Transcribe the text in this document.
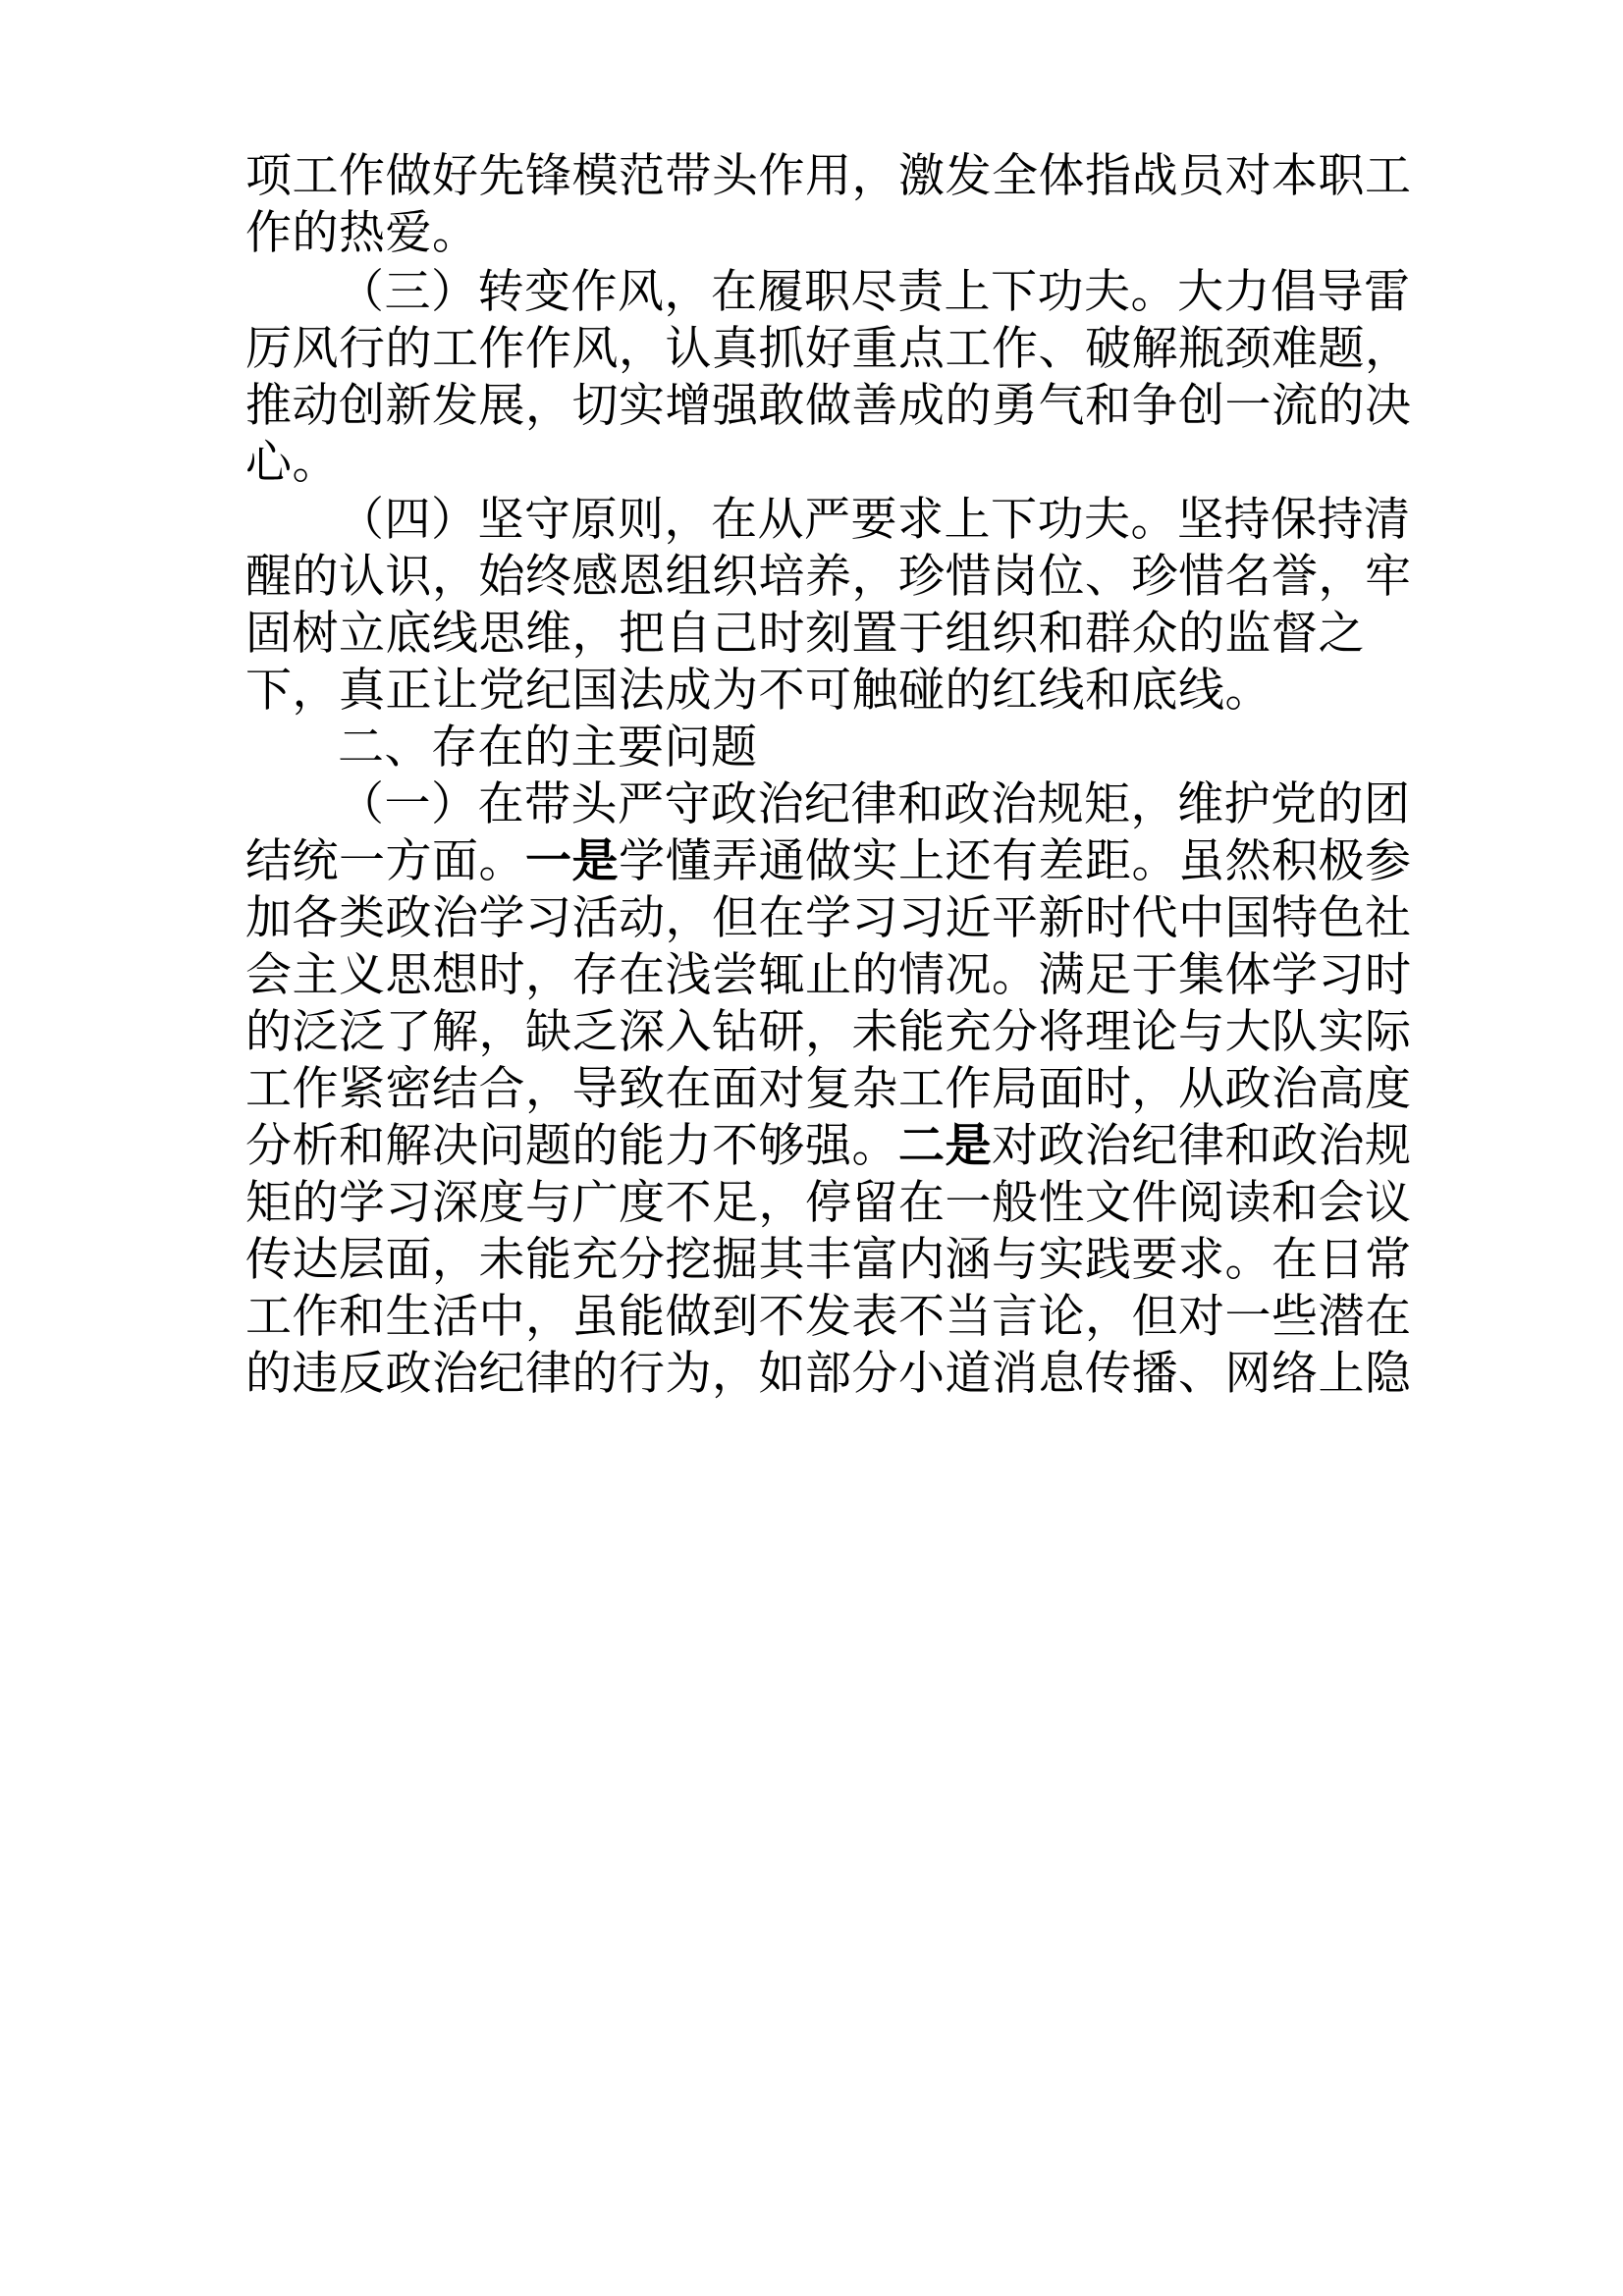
项工作做好先锋模范带头作用，激发全体指战员对本职工
作的热爱。
（三）转变作风，在履职尽责上下功夫。大力倡导雷
厉风行的工作作风，认真抓好重点工作、破解瓶颈难题，
推动创新发展，切实增强敢做善成的勇气和争创一流的决
心。
（四）坚守原则，在从严要求上下功夫。坚持保持清
醒的认识，始终感恩组织培养，珍惜岗位、珍惜名誉，牢
固树立底线思维，把自己时刻置于组织和群众的监督之
下，真正让党纪国法成为不可触碰的红线和底线。
二、存在的主要问题
（一）在带头严守政治纪律和政治规矩，维护党的团
结统一方面。一是学懂弄通做实上还有差距。虽然积极参
加各类政治学习活动，但在学习习近平新时代中国特色社
会主义思想时，存在浅尝辄止的情况。满足于集体学习时
的泛泛了解，缺乏深入钻研，未能充分将理论与大队实际
工作紧密结合，导致在面对复杂工作局面时，从政治高度
分析和解决问题的能力不够强。二是对政治纪律和政治规
矩的学习深度与广度不足，停留在一般性文件阅读和会议
传达层面，未能充分挖掘其丰富内涵与实践要求。在日常
工作和生活中，虽能做到不发表不当言论，但对一些潜在
的违反政治纪律的行为，如部分小道消息传播、网络上隐
